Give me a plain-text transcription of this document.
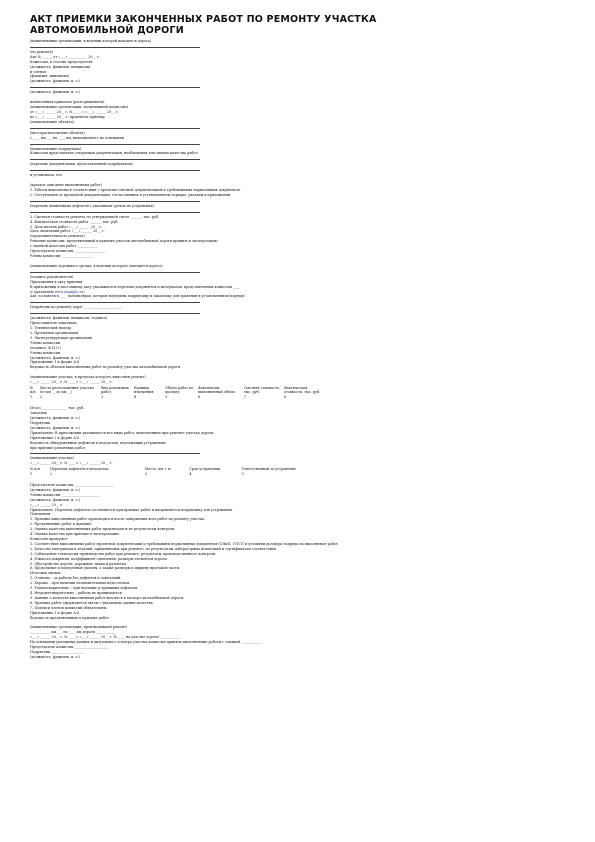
АКТ ПРИЕМКИ ЗАКОНЧЕННЫХ РАБОТ ПО РЕМОНТУ УЧАСТКА
АВТОМОБИЛЬНОЙ ДОРОГИ
(наименование организации, в ведении которой находится дорога)
(по ремонту)
Акт № ______ от «___» ___________ 20__ г.
Комиссия, в составе председателя
(должность, фамилия, инициалы)
и членов
(фамилия, инициалы)
(должность, фамилия, и. о.)
(должность, фамилия, и. о.)
назначенная приказом (распоряжением)
(наименование организации, назначившей комиссию)
от «___» ______ 20__ г. № ____, с «___» ______ 20__ г.
по «___» ______ 20__ г. произвела приемку
(наименование объекта)
(месторасположение объекта)
с ____ км ___ по ____ км, выполненного на основании
(наименование подрядчика)
Комиссии представлена следующая документация, необходимая для оценки качества работ:
(перечень документации, представленной подрядчиком)
и установила, что
(краткое описание выполненных работ)
1. Работы выполнены в соответствии с проектно-сметной документацией и требованиями нормативных документов.
2. Отступления от проектной документации, согласованные в установленном порядке, указаны в приложении.
(перечень выявленных дефектов с указанием сроков их устранения)
3. Сметная стоимость ремонта по утвержденной смете _______ тыс. руб.
4. Фактическая стоимость работ _______ тыс. руб.
5. Дата начала работ «___» ______ 20__ г.
Дата окончания работ «___» ______ 20__ г.
(продолжительность ремонта)
Решение комиссии: предъявленный к приемке участок автомобильной дороги принять в эксплуатацию
с оценкой качества работ ____________
Председатель комиссии __________________
Члены комиссии: __________________
(наименование дорожного органа, в ведении которого находится дорога)
(подпись руководителя)
Приложения к акту приемки
В приложении к настоящему акту указываются перечень документов и материалов, представленных комиссии ____
(с указанием www.example.ru)
Акт составлен в ____ экземплярах, которые переданы подрядчику и заказчику для хранения в установленном порядке
Подрядчик по ремонту дорог _______________________
(должность, фамилия, инициалы, подпись)
Представитель заказчика
1. Технический надзор
2. Проектная организация
3. Эксплуатирующая организация
Члены комиссии
(подпись, Ф.И.О.)
Члены комиссии
(должность, фамилия, и. о.)
Приложение 1 к форме А-8
Ведомость объемов выполненных работ по ремонту участка автомобильной дороги
(наименование участка, в пределах которого выполнен ремонт)
«___» ______ 20__ г. № ____ с «___» ______ 20__ г.
№ п/п	Место расположения участка (от км __ до км __)	Вид ремонтных работ	Единица измерения	Объем работ по проекту	Фактически выполненный объем	Сметная стоимость, тыс. руб.	Фактическая стоимость, тыс. руб.
1	2	3	4	5	6	7	8
Итого _______________ тыс. руб.
Заказчик
(должность, фамилия, и. о.)
Подрядчик
(должность, фамилия, и. о.)
Примечание: В приложении указываются все виды работ, выполненные при ремонте участка дороги.
Приложение 2 к форме А-8
Ведомость обнаруженных дефектов и недоделок, подлежащих устранению
при приемке ремонтных работ
(наименование участка)
«___» ______ 20__ г. № ____ с «___» ______ 20__ г.
№ п/п	Перечень дефектов и недоделок	Место, км + м	Срок устранения	Ответственный за устранение
1	2	3	4	5
Председатель комиссии _______________________
(должность, фамилия, и. о.)
Члены комиссии _______________________
(должность, фамилия, и. о.)
«___» ______ 20__ г.
Примечание. Перечень дефектов составляется при приемке работ и направляется подрядчику для устранения.
Пояснения:
1. Приемка выполненных работ производится после завершения всех работ по ремонту участка.
2. Предъявление работ к приемке.
3. Оценка качества выполненных работ производится по результатам контроля.
4. Оценка качества при приемке в эксплуатацию.
Комиссия проверяет:
1. Соответствие выполненных работ проектной документации и требованиям нормативных документов (СНиП, ГОСТ) и условиям договора подряда на выполнение работ.
2. Качество материалов и изделий, применяемых при ремонте, по результатам лабораторных испытаний и сертификатам соответствия.
3. Соблюдение технологии производства работ при ремонте, результаты производственного контроля.
4. Ровность покрытия, коэффициент сцепления, размеры элементов дороги.
5. Обустройство дороги, дорожные знаки и разметка.
6. Продольные и поперечные уклоны, а также размеры и ширину проезжей части.
Итоговая оценка:
1. Отлично – за работы без дефектов и замечаний.
2. Хорошо – при наличии незначительных недостатков.
3. Удовлетворительно – при наличии устранимых дефектов.
4. Неудовлетворительно – работы не принимаются.
5. Данные о качестве выполненных работ вносятся в паспорт автомобильной дороги.
6. Приемка работ оформляется актом с указанием оценки качества.
7. Подписи членов комиссии обязательны.
Приложение 3 к форме А-8
Ведомость предъявленных к приемке работ
(наименование организации, производившей ремонт)
____________ км ___ по ____ км дороги ____________
«___» ______ 20__ г. № ____ с «___» ______ 20__ г. № ____ на участке дороги ____________
На основании указанных данных и визуального осмотра участка комиссия приняла выполненные работы с оценкой ____________
Председатель комиссии ____________________
Подрядчик ____________________
(должность, фамилия, и. о.)
